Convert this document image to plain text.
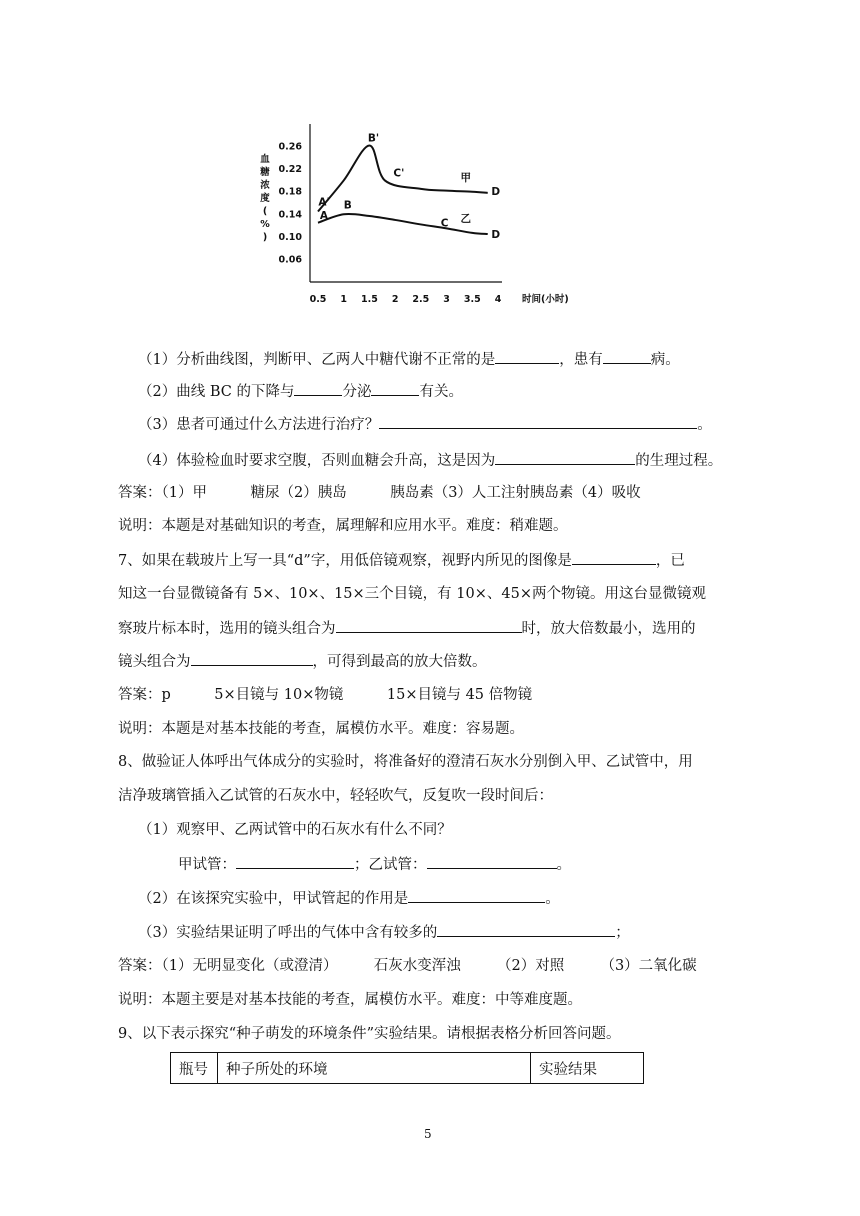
0.26
0.22
0.18
0.14
0.10
0.06
0.5 1 1.5 2 2.5 3 3.5 4 时间(小时)
血
糖
浓
度
(
%
)
甲
乙
A'
B'
C'
D
A
B
C
D
（1）分析曲线图，判断甲、乙两人中糖代谢不正常的是	，患有	病。
（2）曲线 BC 的下降与	分泌	有关。
（3）患者可通过什么方法进行治疗？	。
（4）体验检血时要求空腹，否则血糖会升高，这是因为	的生理过程。
答案：（1）甲　　　糖尿（2）胰岛　　　胰岛素（3）人工注射胰岛素（4）吸收
说明：本题是对基础知识的考查，属理解和应用水平。难度：稍难题。
7、如果在载玻片上写一具“d”字，用低倍镜观察，视野内所见的图像是	，已
知这一台显微镜备有 5×、10×、15×三个目镜，有 10×、45×两个物镜。用这台显微镜观
察玻片标本时，选用的镜头组合为	时，放大倍数最小，选用的
镜头组合为	，可得到最高的放大倍数。
答案：p　　　5×目镜与 10×物镜　　　15×目镜与 45 倍物镜
说明：本题是对基本技能的考查，属模仿水平。难度：容易题。
8、做验证人体呼出气体成分的实验时，将准备好的澄清石灰水分别倒入甲、乙试管中，用
洁净玻璃管插入乙试管的石灰水中，轻轻吹气，反复吹一段时间后：
（1）观察甲、乙两试管中的石灰水有什么不同？
甲试管：	；乙试管：	。
（2）在该探究实验中，甲试管起的作用是	。
（3）实验结果证明了呼出的气体中含有较多的	；
答案：（1）无明显变化（或澄清）　　　石灰水变浑浊　　　（2）对照　　　（3）二氧化碳
说明：本题主要是对基本技能的考查，属模仿水平。难度：中等难度题。
9、以下表示探究“种子萌发的环境条件”实验结果。请根据表格分析回答问题。
瓶号	种子所处的环境	实验结果
5
